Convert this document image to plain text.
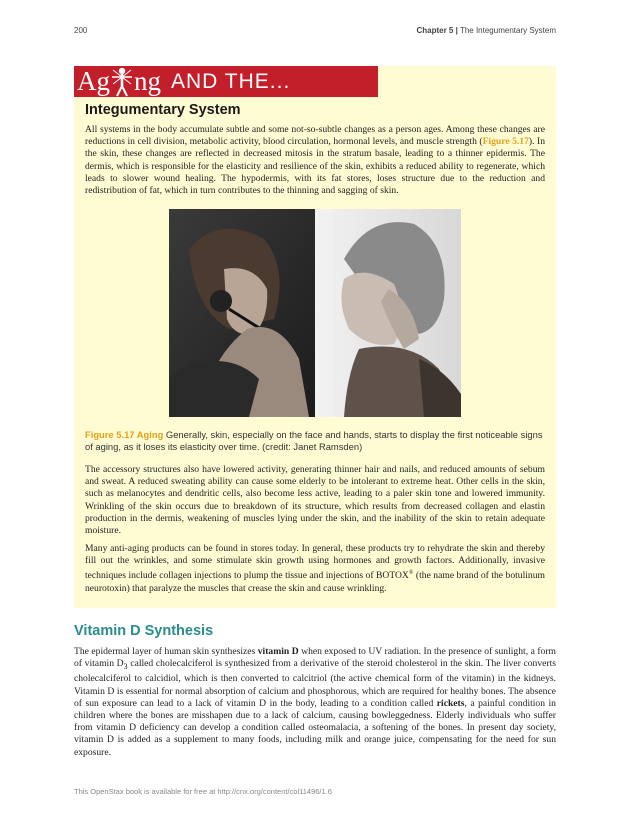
200	Chapter 5 | The Integumentary System
Ag ng AND THE...
Integumentary System
All systems in the body accumulate subtle and some not-so-subtle changes as a person ages. Among these changes are reductions in cell division, metabolic activity, blood circulation, hormonal levels, and muscle strength (Figure 5.17). In the skin, these changes are reflected in decreased mitosis in the stratum basale, leading to a thinner epidermis. The dermis, which is responsible for the elasticity and resilience of the skin, exhibits a reduced ability to regenerate, which leads to slower wound healing. The hypodermis, with its fat stores, loses structure due to the reduction and redistribution of fat, which in turn contributes to the thinning and sagging of skin.
Figure 5.17 Aging Generally, skin, especially on the face and hands, starts to display the first noticeable signs of aging, as it loses its elasticity over time. (credit: Janet Ramsden)
The accessory structures also have lowered activity, generating thinner hair and nails, and reduced amounts of sebum and sweat. A reduced sweating ability can cause some elderly to be intolerant to extreme heat. Other cells in the skin, such as melanocytes and dendritic cells, also become less active, leading to a paler skin tone and lowered immunity. Wrinkling of the skin occurs due to breakdown of its structure, which results from decreased collagen and elastin production in the dermis, weakening of muscles lying under the skin, and the inability of the skin to retain adequate moisture.
Many anti-aging products can be found in stores today. In general, these products try to rehydrate the skin and thereby fill out the wrinkles, and some stimulate skin growth using hormones and growth factors. Additionally, invasive techniques include collagen injections to plump the tissue and injections of BOTOX® (the name brand of the botulinum neurotoxin) that paralyze the muscles that crease the skin and cause wrinkling.
Vitamin D Synthesis
The epidermal layer of human skin synthesizes vitamin D when exposed to UV radiation. In the presence of sunlight, a form of vitamin $D_3$ called cholecalciferol is synthesized from a derivative of the steroid cholesterol in the skin. The liver converts cholecalciferol to calcidiol, which is then converted to calcitriol (the active chemical form of the vitamin) in the kidneys. Vitamin D is essential for normal absorption of calcium and phosphorous, which are required for healthy bones. The absence of sun exposure can lead to a lack of vitamin D in the body, leading to a condition called rickets, a painful condition in children where the bones are misshapen due to a lack of calcium, causing bowleggedness. Elderly individuals who suffer from vitamin D deficiency can develop a condition called osteomalacia, a softening of the bones. In present day society, vitamin D is added as a supplement to many foods, including milk and orange juice, compensating for the need for sun exposure.
This OpenStax book is available for free at http://cnx.org/content/col11496/1.6
